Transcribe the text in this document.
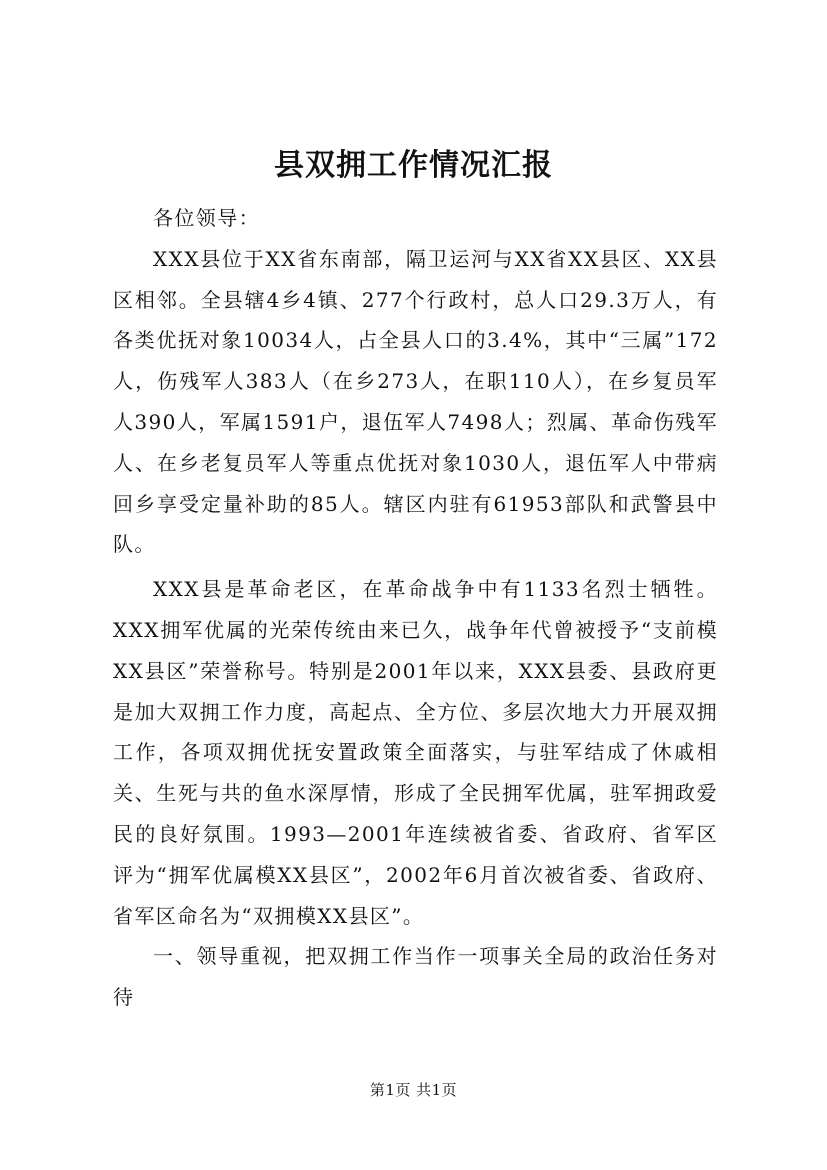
县双拥工作情况汇报

各位领导：

XXX县位于XX省东南部，隔卫运河与XX省XX县区、XX县区相邻。全县辖4乡4镇、277个行政村，总人口29.3万人，有各类优抚对象10034人，占全县人口的3.4%，其中“三属”172人，伤残军人383人（在乡273人，在职110人），在乡复员军人390人，军属1591户，退伍军人7498人；烈属、革命伤残军人、在乡老复员军人等重点优抚对象1030人，退伍军人中带病回乡享受定量补助的85人。辖区内驻有61953部队和武警县中队。

XXX县是革命老区，在革命战争中有1133名烈士牺牲。XXX拥军优属的光荣传统由来已久，战争年代曾被授予“支前模XX县区”荣誉称号。特别是2001年以来，XXX县委、县政府更是加大双拥工作力度，高起点、全方位、多层次地大力开展双拥工作，各项双拥优抚安置政策全面落实，与驻军结成了休戚相关、生死与共的鱼水深厚情，形成了全民拥军优属，驻军拥政爱民的良好氛围。1993—2001年连续被省委、省政府、省军区评为“拥军优属模XX县区”，2002年6月首次被省委、省政府、省军区命名为“双拥模XX县区”。

一、领导重视，把双拥工作当作一项事关全局的政治任务对待

第1页 共1页
